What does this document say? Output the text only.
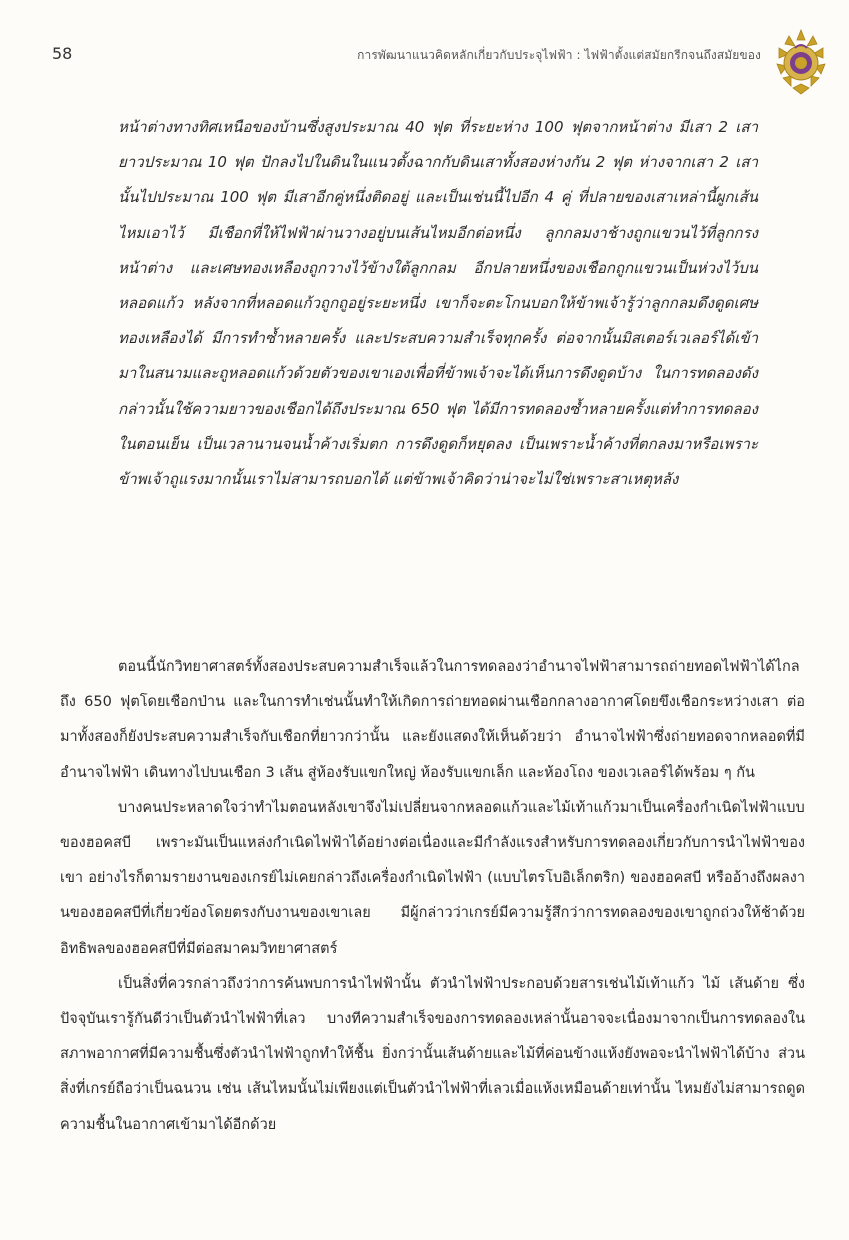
58	การพัฒนาแนวคิดหลักเกี่ยวกับประจุไฟฟ้า : ไฟฟ้าตั้งแต่สมัยกรีกจนถึงสมัยของ

หน้าต่างทางทิศเหนือของบ้านซึ่งสูงประมาณ 40 ฟุต ที่ระยะห่าง 100 ฟุตจากหน้าต่าง มีเสา 2 เสายาวประมาณ 10 ฟุต ปักลงไปในดินในแนวตั้งฉากกับดินเสาทั้งสองห่างกัน 2 ฟุต ห่างจากเสา 2 เสานั้นไปประมาณ 100 ฟุต มีเสาอีกคู่หนึ่งติดอยู่ และเป็นเช่นนี้ไปอีก 4 คู่ ที่ปลายของเสาเหล่านี้ผูกเส้นไหมเอาไว้ มีเชือกที่ให้ไฟฟ้าผ่านวางอยู่บนเส้นไหมอีกต่อหนึ่ง ลูกกลมงาช้างถูกแขวนไว้ที่ลูกกรงหน้าต่าง และเศษทองเหลืองถูกวางไว้ข้างใต้ลูกกลม อีกปลายหนึ่งของเชือกถูกแขวนเป็นห่วงไว้บนหลอดแก้ว หลังจากที่หลอดแก้วถูกถูอยู่ระยะหนึ่ง เขาก็จะตะโกนบอกให้ข้าพเจ้ารู้ว่าลูกกลมดึงดูดเศษทองเหลืองได้ มีการทำซ้ำหลายครั้ง และประสบความสำเร็จทุกครั้ง ต่อจากนั้นมิสเตอร์เวเลอร์ได้เข้ามาในสนามและถูหลอดแก้วด้วยตัวของเขาเองเพื่อที่ข้าพเจ้าจะได้เห็นการดึงดูดบ้าง ในการทดลองดังกล่าวนั้นใช้ความยาวของเชือกได้ถึงประมาณ 650 ฟุต ได้มีการทดลองซ้ำหลายครั้งแต่ทำการทดลองในตอนเย็น เป็นเวลานานจนน้ำค้างเริ่มตก การดึงดูดก็หยุดลง เป็นเพราะน้ำค้างที่ตกลงมาหรือเพราะข้าพเจ้าถูแรงมากนั้นเราไม่สามารถบอกได้ แต่ข้าพเจ้าคิดว่าน่าจะไม่ใช่เพราะสาเหตุหลัง

ตอนนี้นักวิทยาศาสตร์ทั้งสองประสบความสำเร็จแล้วในการทดลองว่าอำนาจไฟฟ้าสามารถถ่ายทอดไฟฟ้าได้ไกลถึง 650 ฟุตโดยเชือกป่าน และในการทำเช่นนั้นทำให้เกิดการถ่ายทอดผ่านเชือกกลางอากาศโดยขึงเชือกระหว่างเสา ต่อมาทั้งสองก็ยังประสบความสำเร็จกับเชือกที่ยาวกว่านั้น และยังแสดงให้เห็นด้วยว่า อำนาจไฟฟ้าซึ่งถ่ายทอดจากหลอดที่มีอำนาจไฟฟ้า เดินทางไปบนเชือก 3 เส้น สู่ห้องรับแขกใหญ่ ห้องรับแขกเล็ก และห้องโถง ของเวเลอร์ได้พร้อม ๆ กัน

บางคนประหลาดใจว่าทำไมตอนหลังเขาจึงไม่เปลี่ยนจากหลอดแก้วและไม้เท้าแก้วมาเป็นเครื่องกำเนิดไฟฟ้าแบบของฮอคสบี เพราะมันเป็นแหล่งกำเนิดไฟฟ้าได้อย่างต่อเนื่องและมีกำลังแรงสำหรับการทดลองเกี่ยวกับการนำไฟฟ้าของเขา อย่างไรก็ตามรายงานของเกรย์ไม่เคยกล่าวถึงเครื่องกำเนิดไฟฟ้า (แบบไตรโบอิเล็กตริก) ของฮอคสบี หรืออ้างถึงผลงานของฮอคสบีที่เกี่ยวข้องโดยตรงกับงานของเขาเลย มีผู้กล่าวว่าเกรย์มีความรู้สึกว่าการทดลองของเขาถูกถ่วงให้ช้าด้วยอิทธิพลของฮอคสบีที่มีต่อสมาคมวิทยาศาสตร์

เป็นสิ่งที่ควรกล่าวถึงว่าการค้นพบการนำไฟฟ้านั้น ตัวนำไฟฟ้าประกอบด้วยสารเช่นไม้เท้าแก้ว ไม้ เส้นด้าย ซึ่งปัจจุบันเรารู้กันดีว่าเป็นตัวนำไฟฟ้าที่เลว บางทีความสำเร็จของการทดลองเหล่านั้นอาจจะเนื่องมาจากเป็นการทดลองในสภาพอากาศที่มีความชื้นซึ่งตัวนำไฟฟ้าถูกทำให้ชื้น ยิ่งกว่านั้นเส้นด้ายและไม้ที่ค่อนข้างแห้งยังพอจะนำไฟฟ้าได้บ้าง ส่วนสิ่งที่เกรย์ถือว่าเป็นฉนวน เช่น เส้นไหมนั้นไม่เพียงแต่เป็นตัวนำไฟฟ้าที่เลวเมื่อแห้งเหมือนด้ายเท่านั้น ไหมยังไม่สามารถดูดความชื้นในอากาศเข้ามาได้อีกด้วย
